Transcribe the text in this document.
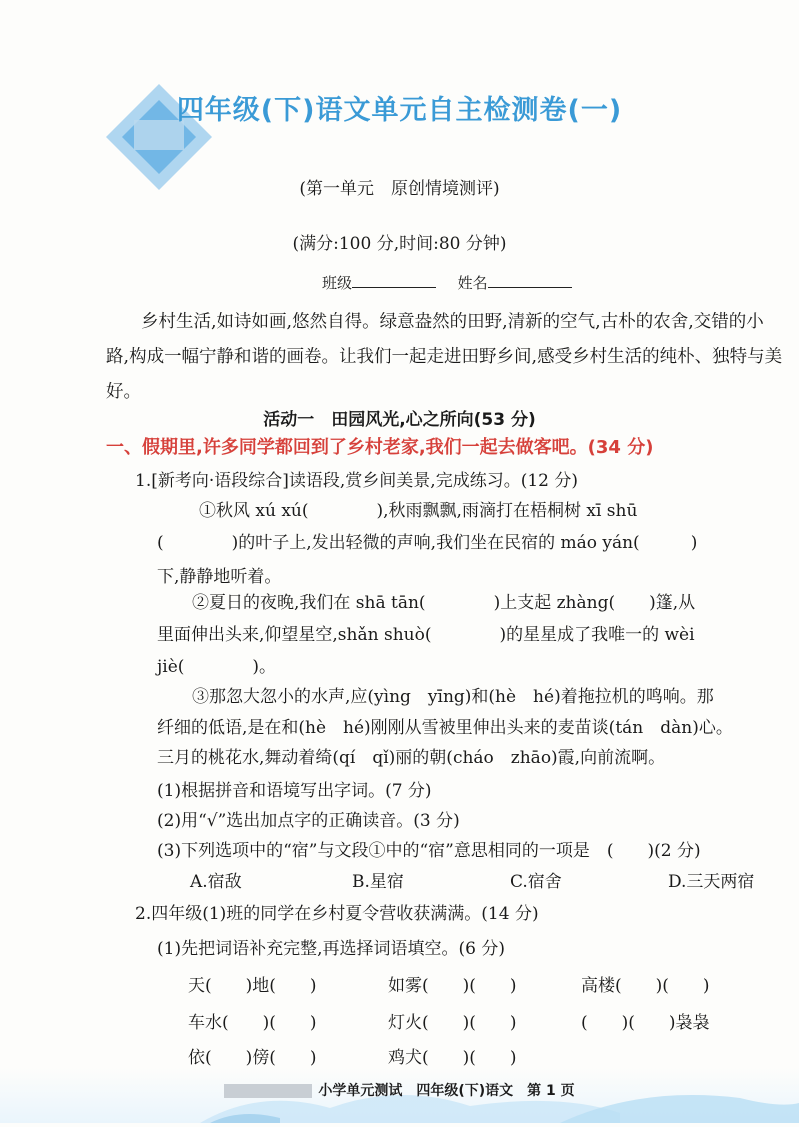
四年级(下)语文单元自主检测卷(一)
(第一单元　原创情境测评)
(满分:100 分,时间:80 分钟)
班级	姓名
乡村生活,如诗如画,悠然自得。绿意盎然的田野,清新的空气,古朴的农舍,交错的小路,构成一幅宁静和谐的画卷。让我们一起走进田野乡间,感受乡村生活的纯朴、独特与美好。
活动一　田园风光,心之所向(53 分)
一、假期里,许多同学都回到了乡村老家,我们一起去做客吧。(34 分)
1.[新考向·语段综合]读语段,赏乡间美景,完成练习。(12 分)
①秋风 xú xú(　　　　),秋雨飘飘,雨滴打在梧桐树 xī shū
(　　　　)的叶子上,发出轻微的声响,我们坐在民宿的 máo yán(　　　)
下,静静地听着。
②夏日的夜晚,我们在 shā tān(　　　　)上支起 zhàng(　　)篷,从
里面伸出头来,仰望星空,shǎn shuò(　　　　)的星星成了我唯一的 wèi
jiè(　　　　)。
③那忽大忽小的水声,应(yìng　yīng)和(hè　hé)着拖拉机的鸣响。那
纤细的低语,是在和(hè　hé)刚刚从雪被里伸出头来的麦苗谈(tán　dàn)心。
三月的桃花水,舞动着绮(qí　qǐ)丽的朝(cháo　zhāo)霞,向前流啊。
(1)根据拼音和语境写出字词。(7 分)
(2)用“√”选出加点字的正确读音。(3 分)
(3)下列选项中的“宿”与文段①中的“宿”意思相同的一项是　(　　)(2 分)
A.宿敌	B.星宿	C.宿舍	D.三天两宿
2.四年级(1)班的同学在乡村夏令营收获满满。(14 分)
(1)先把词语补充完整,再选择词语填空。(6 分)
天(　　)地(　　)	如雾(　　)(　　)	高楼(　　)(　　)
车水(　　)(　　)	灯火(　　)(　　)	(　　)(　　)袅袅
依(　　)傍(　　)	鸡犬(　　)(　　)
小学单元测试　四年级(下)语文　第 1 页
